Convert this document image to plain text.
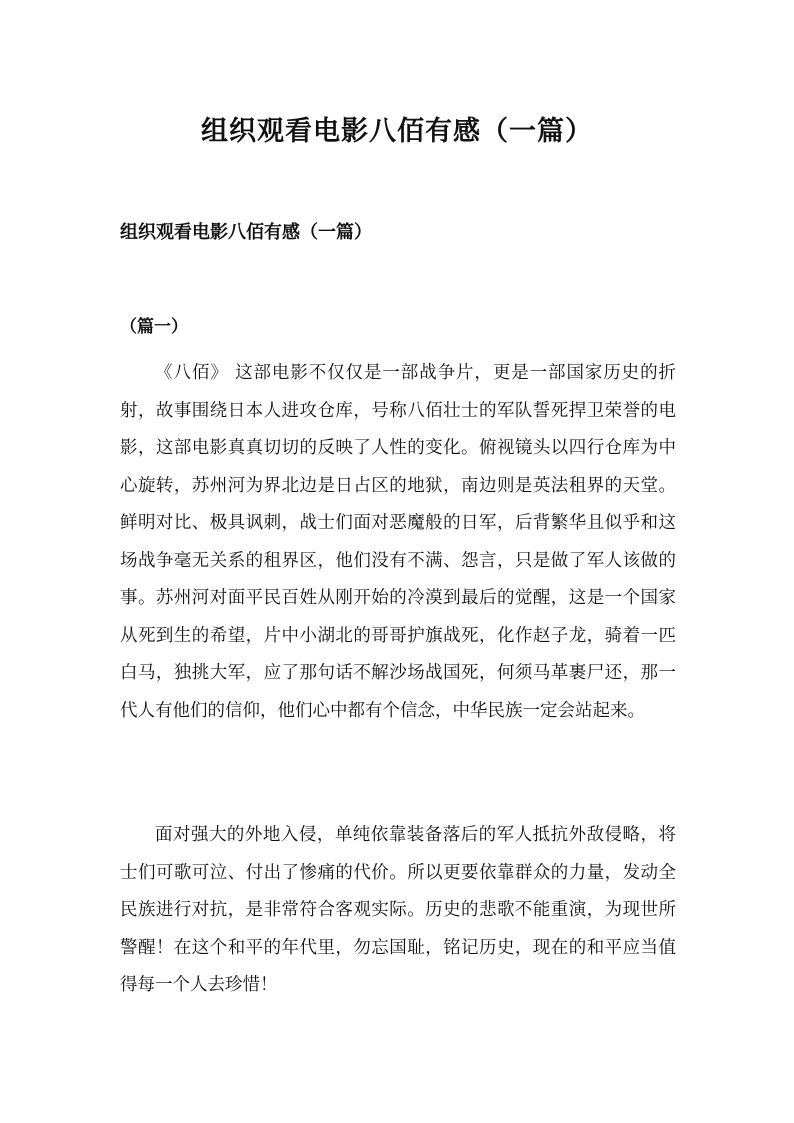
组织观看电影八佰有感（一篇）
组织观看电影八佰有感（一篇）
（篇一）

《八佰》 这部电影不仅仅是一部战争片，更是一部国家历史的折射，故事围绕日本人进攻仓库，号称八佰壮士的军队誓死捍卫荣誉的电影，这部电影真真切切的反映了人性的变化。俯视镜头以四行仓库为中心旋转，苏州河为界北边是日占区的地狱，南边则是英法租界的天堂。鲜明对比、极具讽刺，战士们面对恶魔般的日军，后背繁华且似乎和这场战争毫无关系的租界区，他们没有不满、怨言，只是做了军人该做的事。苏州河对面平民百姓从刚开始的冷漠到最后的觉醒，这是一个国家从死到生的希望，片中小湖北的哥哥护旗战死，化作赵子龙，骑着一匹白马，独挑大军，应了那句话不解沙场战国死，何须马革裹尸还，那一代人有他们的信仰，他们心中都有个信念，中华民族一定会站起来。

面对强大的外地入侵，单纯依靠装备落后的军人抵抗外敌侵略，将士们可歌可泣、付出了惨痛的代价。所以更要依靠群众的力量，发动全民族进行对抗，是非常符合客观实际。历史的悲歌不能重演，为现世所警醒！在这个和平的年代里，勿忘国耻，铭记历史，现在的和平应当值得每一个人去珍惜！
